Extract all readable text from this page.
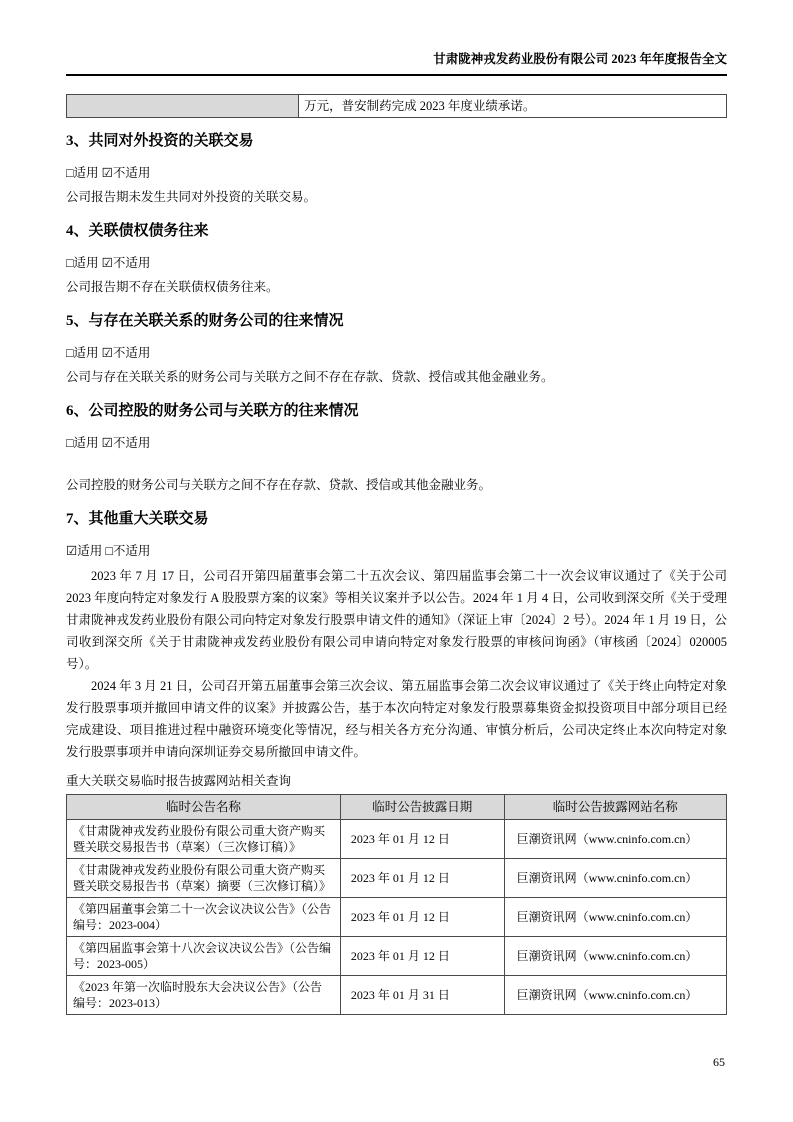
甘肃陇神戎发药业股份有限公司 2023 年年度报告全文
	万元，普安制药完成 2023 年度业绩承诺。
3、共同对外投资的关联交易

□适用 ☑不适用

公司报告期未发生共同对外投资的关联交易。

4、关联债权债务往来

□适用 ☑不适用

公司报告期不存在关联债权债务往来。

5、与存在关联关系的财务公司的往来情况

□适用 ☑不适用

公司与存在关联关系的财务公司与关联方之间不存在存款、贷款、授信或其他金融业务。

6、公司控股的财务公司与关联方的往来情况

□适用 ☑不适用

公司控股的财务公司与关联方之间不存在存款、贷款、授信或其他金融业务。

7、其他重大关联交易

☑适用 □不适用

2023 年 7 月 17 日，公司召开第四届董事会第二十五次会议、第四届监事会第二十一次会议审议通过了《关于公司 2023 年度向特定对象发行 A 股股票方案的议案》等相关议案并予以公告。2024 年 1 月 4 日，公司收到深交所《关于受理甘肃陇神戎发药业股份有限公司向特定对象发行股票申请文件的通知》（深证上审〔2024〕2 号）。2024 年 1 月 19 日，公司收到深交所《关于甘肃陇神戎发药业股份有限公司申请向特定对象发行股票的审核问询函》（审核函〔2024〕020005 号）。

2024 年 3 月 21 日，公司召开第五届董事会第三次会议、第五届监事会第二次会议审议通过了《关于终止向特定对象发行股票事项并撤回申请文件的议案》并披露公告，基于本次向特定对象发行股票募集资金拟投资项目中部分项目已经完成建设、项目推进过程中融资环境变化等情况，经与相关各方充分沟通、审慎分析后，公司决定终止本次向特定对象发行股票事项并申请向深圳证券交易所撤回申请文件。

重大关联交易临时报告披露网站相关查询

临时公告名称	临时公告披露日期	临时公告披露网站名称
《甘肃陇神戎发药业股份有限公司重大资产购买暨关联交易报告书（草案）（三次修订稿）》	2023 年 01 月 12 日	巨潮资讯网（www.cninfo.com.cn）
《甘肃陇神戎发药业股份有限公司重大资产购买暨关联交易报告书（草案）摘要（三次修订稿）》	2023 年 01 月 12 日	巨潮资讯网（www.cninfo.com.cn）
《第四届董事会第二十一次会议决议公告》（公告编号：2023-004）	2023 年 01 月 12 日	巨潮资讯网（www.cninfo.com.cn）
《第四届监事会第十八次会议决议公告》（公告编号：2023-005）	2023 年 01 月 12 日	巨潮资讯网（www.cninfo.com.cn）
《2023 年第一次临时股东大会决议公告》（公告编号：2023-013）	2023 年 01 月 31 日	巨潮资讯网（www.cninfo.com.cn）
65
